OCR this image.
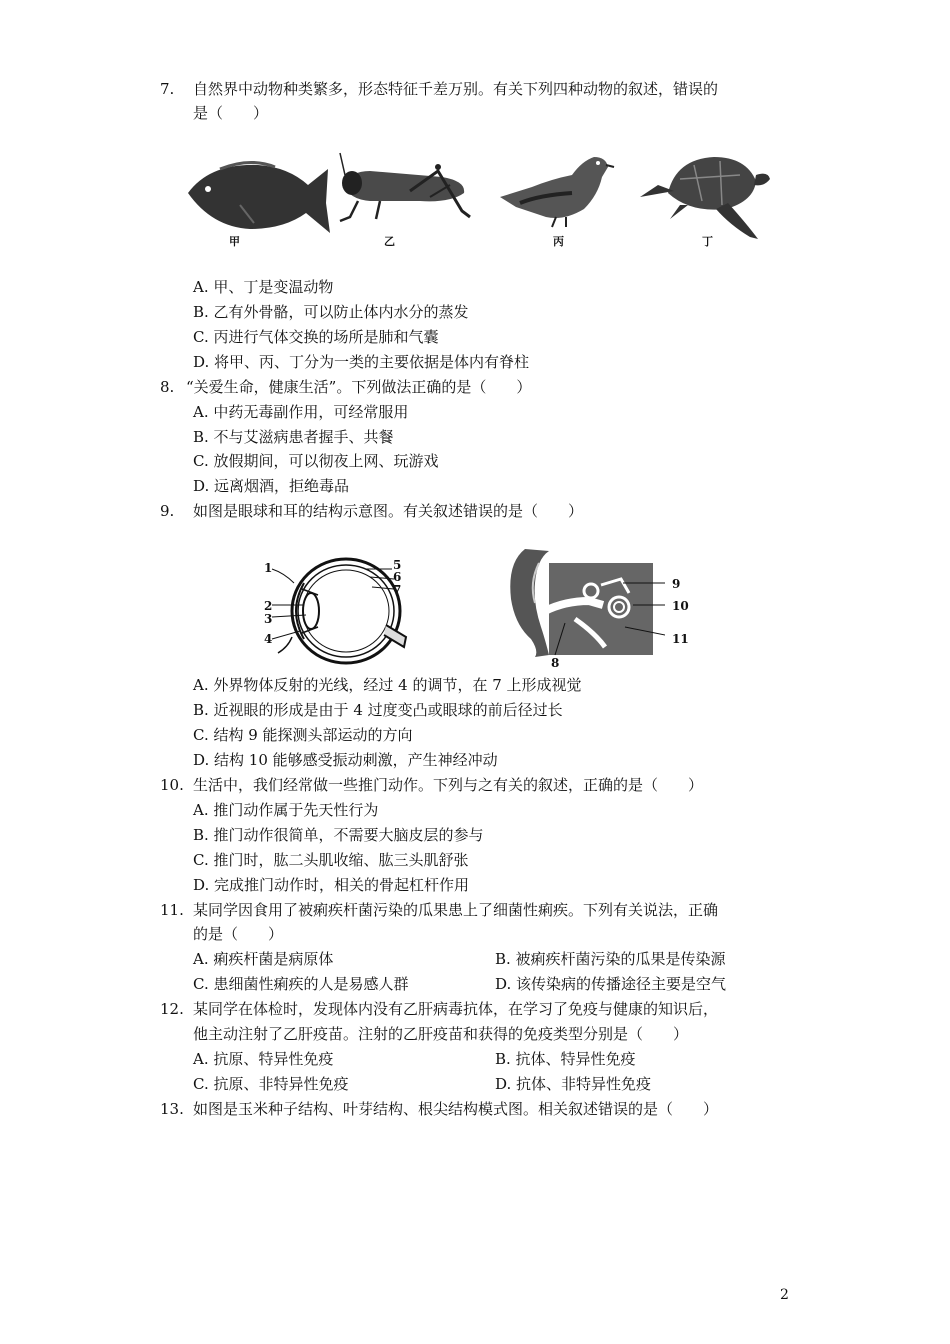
7. 自然界中动物种类繁多，形态特征千差万别。有关下列四种动物的叙述，错误的
是（　　）
甲	乙	丙	丁
A. 甲、丁是变温动物
B. 乙有外骨骼，可以防止体内水分的蒸发
C. 丙进行气体交换的场所是肺和气囊
D. 将甲、丙、丁分为一类的主要依据是体内有脊柱
8. “关爱生命，健康生活”。下列做法正确的是（　　）
A. 中药无毒副作用，可经常服用
B. 不与艾滋病患者握手、共餐
C. 放假期间，可以彻夜上网、玩游戏
D. 远离烟酒，拒绝毒品
9. 如图是眼球和耳的结构示意图。有关叙述错误的是（　　）
1
2
3
4
5
6
7
8
9
10
11
A. 外界物体反射的光线，经过 4 的调节，在 7 上形成视觉
B. 近视眼的形成是由于 4 过度变凸或眼球的前后径过长
C. 结构 9 能探测头部运动的方向
D. 结构 10 能够感受振动刺激，产生神经冲动
10. 生活中，我们经常做一些推门动作。下列与之有关的叙述，正确的是（　　）
A. 推门动作属于先天性行为
B. 推门动作很简单，不需要大脑皮层的参与
C. 推门时，肱二头肌收缩、肱三头肌舒张
D. 完成推门动作时，相关的骨起杠杆作用
11. 某同学因食用了被痢疾杆菌污染的瓜果患上了细菌性痢疾。下列有关说法，正确
的是（　　）
A. 痢疾杆菌是病原体	B. 被痢疾杆菌污染的瓜果是传染源
C. 患细菌性痢疾的人是易感人群	D. 该传染病的传播途径主要是空气
12. 某同学在体检时，发现体内没有乙肝病毒抗体，在学习了免疫与健康的知识后，
他主动注射了乙肝疫苗。注射的乙肝疫苗和获得的免疫类型分别是（　　）
A. 抗原、特异性免疫	B. 抗体、特异性免疫
C. 抗原、非特异性免疫	D. 抗体、非特异性免疫
13. 如图是玉米种子结构、叶芽结构、根尖结构模式图。相关叙述错误的是（　　）
2
